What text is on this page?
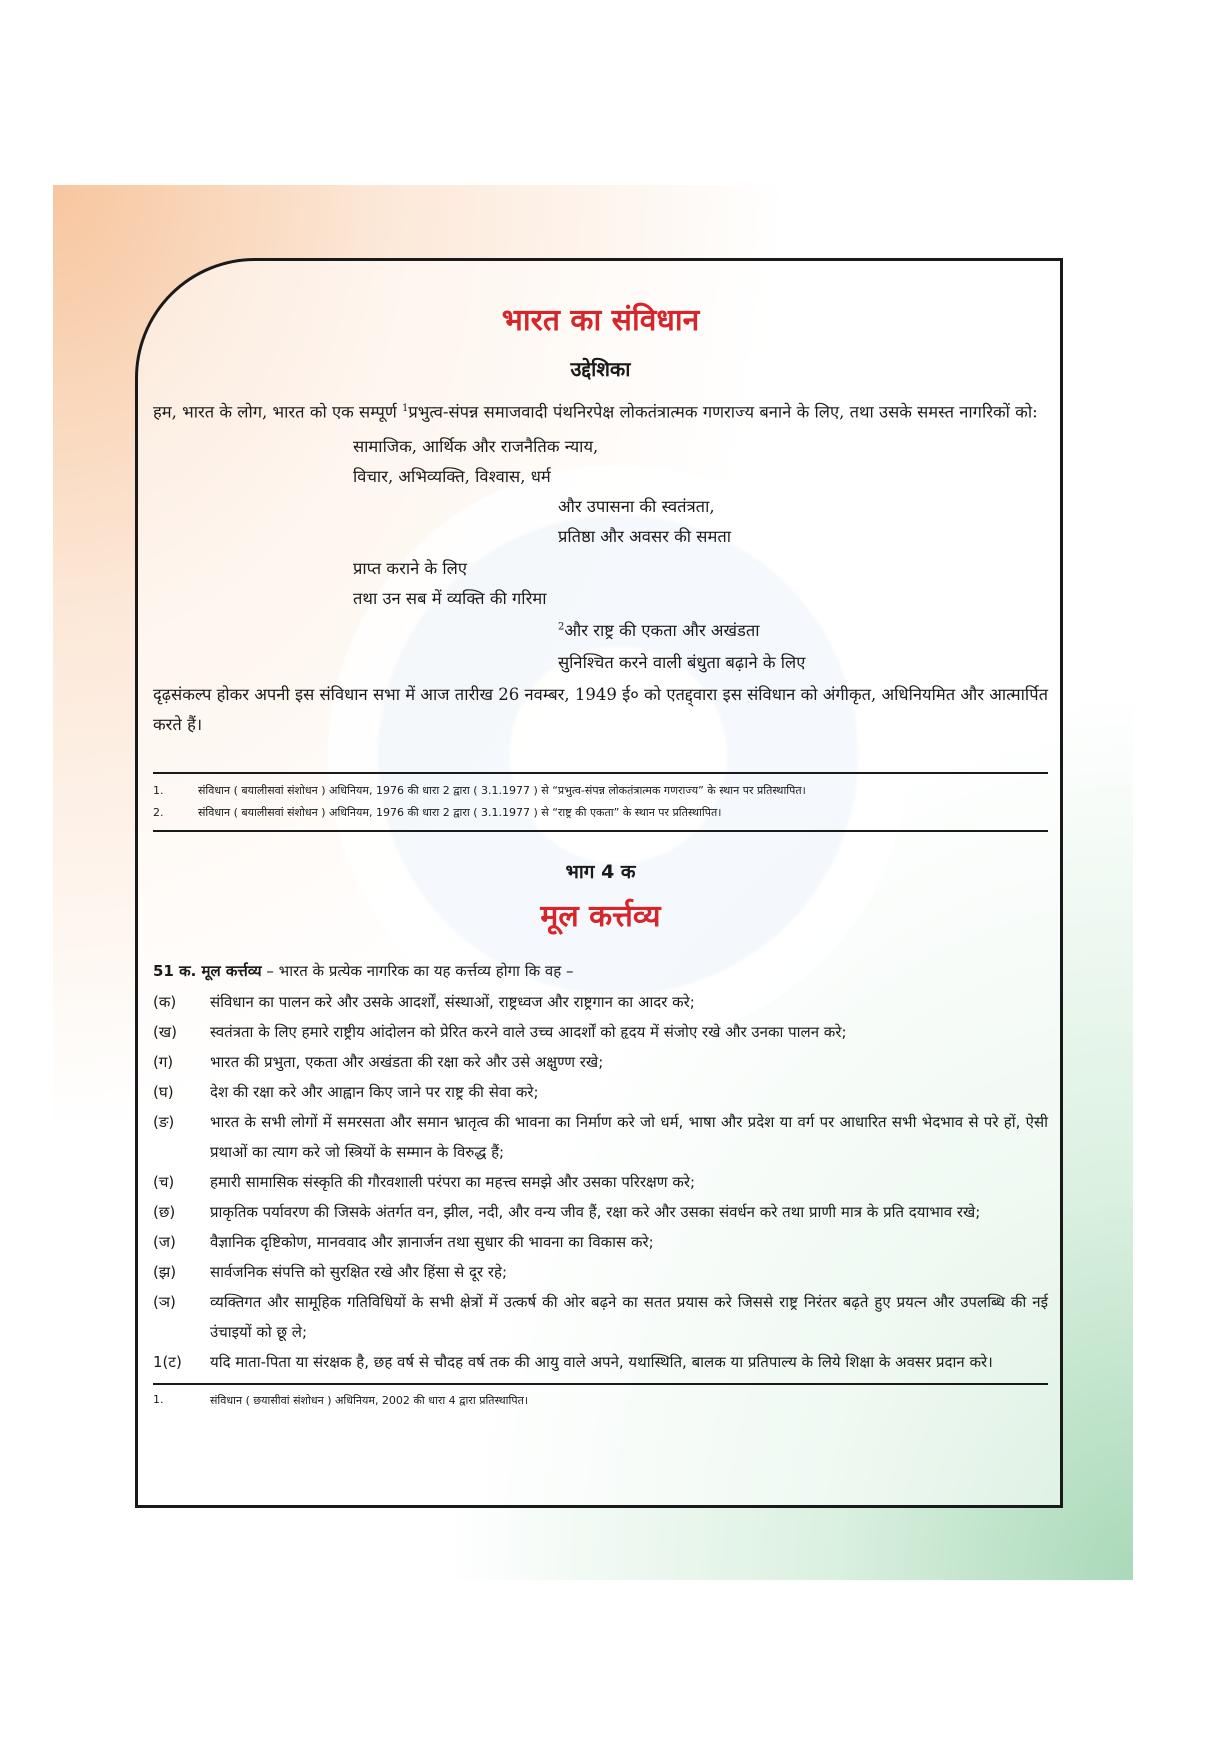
भारत का संविधान
उद्देशिका

हम, भारत के लोग, भारत को एक सम्पूर्ण $^1$प्रभुत्व-संपन्न समाजवादी पंथनिरपेक्ष लोकतंत्रात्मक गणराज्य बनाने के लिए, तथा उसके समस्त नागरिकों को:

सामाजिक, आर्थिक और राजनैतिक न्याय,
विचार, अभिव्यक्ति, विश्वास, धर्म
और उपासना की स्वतंत्रता,
प्रतिष्ठा और अवसर की समता
प्राप्त कराने के लिए
तथा उन सब में व्यक्ति की गरिमा
$^2$और राष्ट्र की एकता और अखंडता
सुनिश्चित करने वाली बंधुता बढ़ाने के लिए

दृढ़संकल्प होकर अपनी इस संविधान सभा में आज तारीख 26 नवम्बर, 1949 ई० को एतद्द्वारा इस संविधान को अंगीकृत, अधिनियमित और आत्मार्पित करते हैं।

1.	संविधान ( बयालीसवां संशोधन ) अधिनियम, 1976 की धारा 2 द्वारा ( 3.1.1977 ) से “प्रभुत्व-संपन्न लोकतंत्रात्मक गणराज्य” के स्थान पर प्रतिस्थापित।
2.	संविधान ( बयालीसवां संशोधन ) अधिनियम, 1976 की धारा 2 द्वारा ( 3.1.1977 ) से “राष्ट्र की एकता” के स्थान पर प्रतिस्थापित।
भाग 4 क
मूल कर्त्तव्य
51 क. मूल कर्त्तव्य – भारत के प्रत्येक नागरिक का यह कर्त्तव्य होगा कि वह –
(क)	संविधान का पालन करे और उसके आदर्शों, संस्थाओं, राष्ट्रध्वज और राष्ट्रगान का आदर करे;
(ख)	स्वतंत्रता के लिए हमारे राष्ट्रीय आंदोलन को प्रेरित करने वाले उच्च आदर्शों को हृदय में संजोए रखे और उनका पालन करे;
(ग)	भारत की प्रभुता, एकता और अखंडता की रक्षा करे और उसे अक्षुण्ण रखे;
(घ)	देश की रक्षा करे और आह्वान किए जाने पर राष्ट्र की सेवा करे;
(ङ)	भारत के सभी लोगों में समरसता और समान भ्रातृत्व की भावना का निर्माण करे जो धर्म, भाषा और प्रदेश या वर्ग पर आधारित सभी भेदभाव से परे हों, ऐसी प्रथाओं का त्याग करे जो स्त्रियों के सम्मान के विरुद्ध हैं;
(च)	हमारी सामासिक संस्कृति की गौरवशाली परंपरा का महत्त्व समझे और उसका परिरक्षण करे;
(छ)	प्राकृतिक पर्यावरण की जिसके अंतर्गत वन, झील, नदी, और वन्य जीव हैं, रक्षा करे और उसका संवर्धन करे तथा प्राणी मात्र के प्रति दयाभाव रखे;
(ज)	वैज्ञानिक दृष्टिकोण, मानववाद और ज्ञानार्जन तथा सुधार की भावना का विकास करे;
(झ)	सार्वजनिक संपत्ति को सुरक्षित रखे और हिंसा से दूर रहे;
(ञ)	व्यक्तिगत और सामूहिक गतिविधियों के सभी क्षेत्रों में उत्कर्ष की ओर बढ़ने का सतत प्रयास करे जिससे राष्ट्र निरंतर बढ़ते हुए प्रयत्न और उपलब्धि की नई उंचाइयों को छू ले;
1(ट)	यदि माता-पिता या संरक्षक है, छह वर्ष से चौदह वर्ष तक की आयु वाले अपने, यथास्थिति, बालक या प्रतिपाल्य के लिये शिक्षा के अवसर प्रदान करे।
1.	संविधान ( छयासीवां संशोधन ) अधिनियम, 2002 की धारा 4 द्वारा प्रतिस्थापित।
